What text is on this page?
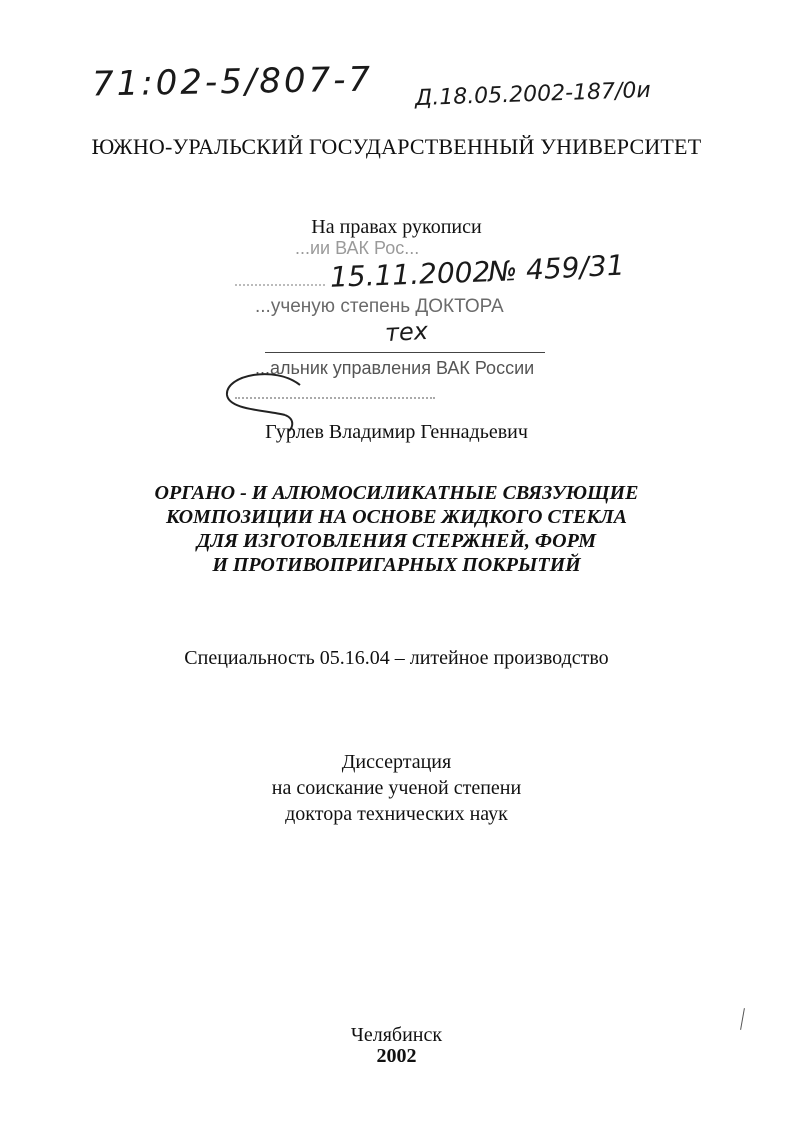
71:02-5/807-7 Д.18.05.2002-187/0и
ЮЖНО-УРАЛЬСКИЙ ГОСУДАРСТВЕННЫЙ УНИВЕРСИТЕТ
На правах рукописи
...ии ВАК Рос...
...ученую степень ДОКТОРА
...альник управления ВАК России
15.11.2002
№ 459/31
тех
Гурлев Владимир Геннадьевич
ОРГАНО - И АЛЮМОСИЛИКАТНЫЕ СВЯЗУЮЩИЕ
КОМПОЗИЦИИ НА ОСНОВЕ ЖИДКОГО СТЕКЛА
ДЛЯ ИЗГОТОВЛЕНИЯ СТЕРЖНЕЙ, ФОРМ
И ПРОТИВОПРИГАРНЫХ ПОКРЫТИЙ
Специальность 05.16.04 – литейное производство
Диссертация
на соискание ученой степени
доктора технических наук
Челябинск
2002
